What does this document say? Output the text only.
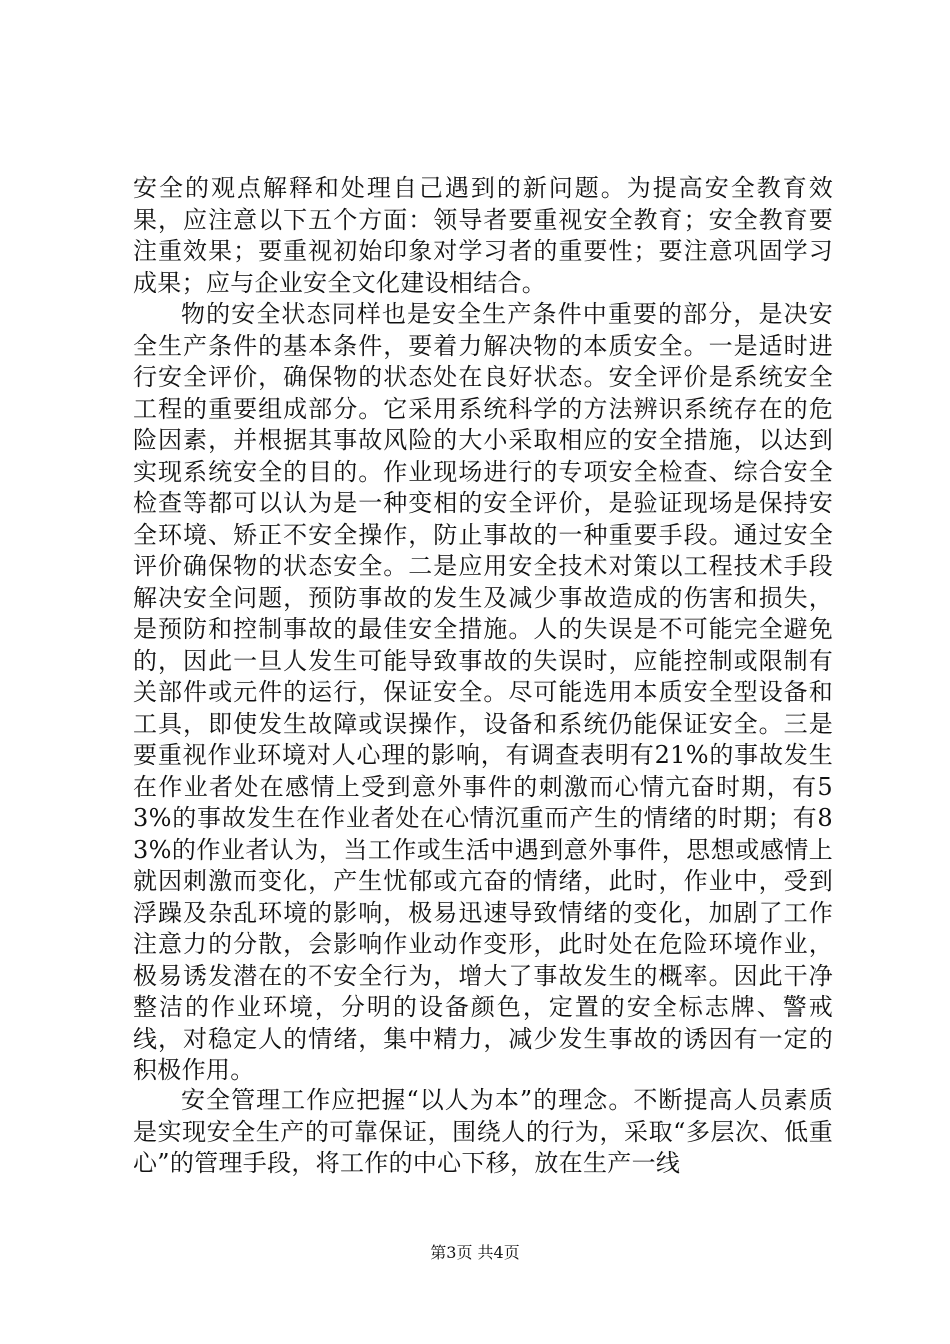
安全的观点解释和处理自己遇到的新问题。为提高安全教育效果，应注意以下五个方面：领导者要重视安全教育；安全教育要注重效果；要重视初始印象对学习者的重要性；要注意巩固学习成果；应与企业安全文化建设相结合。

物的安全状态同样也是安全生产条件中重要的部分，是决安全生产条件的基本条件，要着力解决物的本质安全。一是适时进行安全评价，确保物的状态处在良好状态。安全评价是系统安全工程的重要组成部分。它采用系统科学的方法辨识系统存在的危险因素，并根据其事故风险的大小采取相应的安全措施，以达到实现系统安全的目的。作业现场进行的专项安全检查、综合安全检查等都可以认为是一种变相的安全评价，是验证现场是保持安全环境、矫正不安全操作，防止事故的一种重要手段。通过安全评价确保物的状态安全。二是应用安全技术对策以工程技术手段解决安全问题，预防事故的发生及减少事故造成的伤害和损失，是预防和控制事故的最佳安全措施。人的失误是不可能完全避免的，因此一旦人发生可能导致事故的失误时，应能控制或限制有关部件或元件的运行，保证安全。尽可能选用本质安全型设备和工具，即使发生故障或误操作，设备和系统仍能保证安全。三是要重视作业环境对人心理的影响，有调查表明有21%的事故发生在作业者处在感情上受到意外事件的刺激而心情亢奋时期，有53%的事故发生在作业者处在心情沉重而产生的情绪的时期；有83%的作业者认为，当工作或生活中遇到意外事件，思想或感情上就因刺激而变化，产生忧郁或亢奋的情绪，此时，作业中，受到浮躁及杂乱环境的影响，极易迅速导致情绪的变化，加剧了工作注意力的分散，会影响作业动作变形，此时处在危险环境作业，极易诱发潜在的不安全行为，增大了事故发生的概率。因此干净整洁的作业环境，分明的设备颜色，定置的安全标志牌、警戒线，对稳定人的情绪，集中精力，减少发生事故的诱因有一定的积极作用。

安全管理工作应把握“以人为本”的理念。不断提高人员素质是实现安全生产的可靠保证，围绕人的行为，采取“多层次、低重心”的管理手段，将工作的中心下移，放在生产一线

第3页 共4页
